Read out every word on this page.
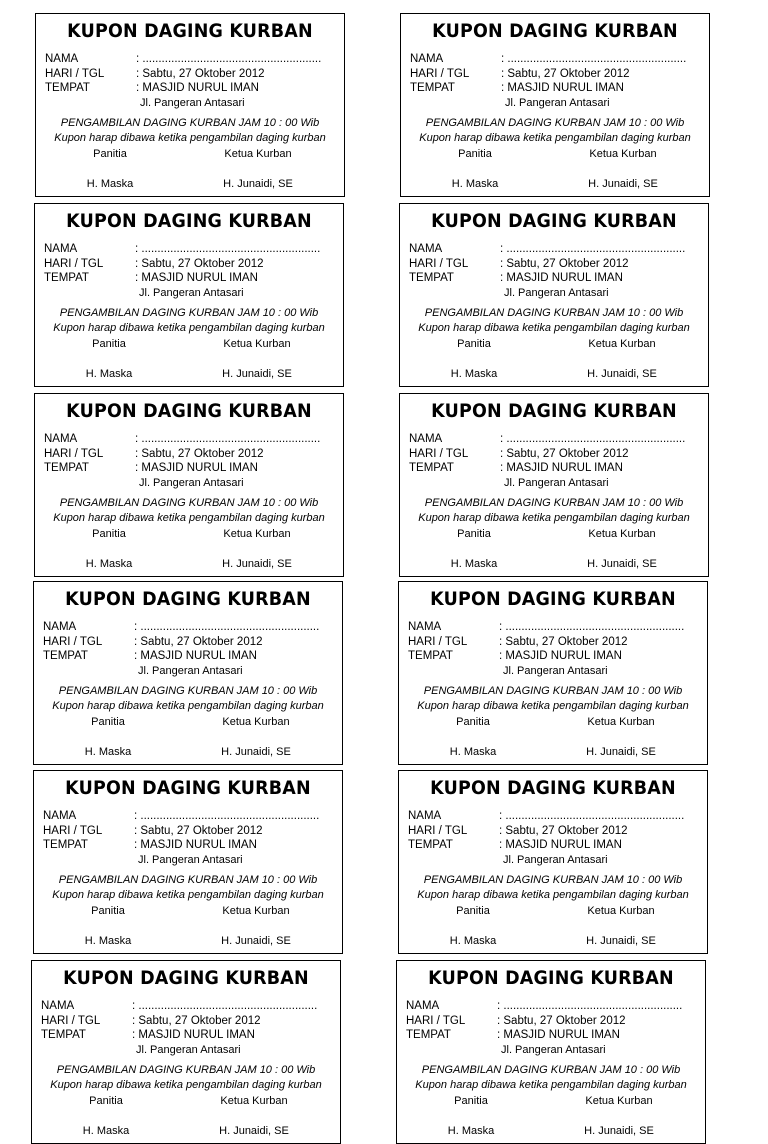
KUPON DAGING KURBAN
NAMA	: ........................................................
HARI / TGL	: Sabtu, 27 Oktober 2012
TEMPAT	: MASJID NURUL IMAN
Jl. Pangeran Antasari
PENGAMBILAN DAGING KURBAN JAM 10 : 00 Wib
Kupon harap dibawa ketika pengambilan daging kurban
Panitia	Ketua Kurban
H. Maska	H. Junaidi, SE
KUPON DAGING KURBAN
NAMA	: ........................................................
HARI / TGL	: Sabtu, 27 Oktober 2012
TEMPAT	: MASJID NURUL IMAN
Jl. Pangeran Antasari
PENGAMBILAN DAGING KURBAN JAM 10 : 00 Wib
Kupon harap dibawa ketika pengambilan daging kurban
Panitia	Ketua Kurban
H. Maska	H. Junaidi, SE
KUPON DAGING KURBAN
NAMA	: ........................................................
HARI / TGL	: Sabtu, 27 Oktober 2012
TEMPAT	: MASJID NURUL IMAN
Jl. Pangeran Antasari
PENGAMBILAN DAGING KURBAN JAM 10 : 00 Wib
Kupon harap dibawa ketika pengambilan daging kurban
Panitia	Ketua Kurban
H. Maska	H. Junaidi, SE
KUPON DAGING KURBAN
NAMA	: ........................................................
HARI / TGL	: Sabtu, 27 Oktober 2012
TEMPAT	: MASJID NURUL IMAN
Jl. Pangeran Antasari
PENGAMBILAN DAGING KURBAN JAM 10 : 00 Wib
Kupon harap dibawa ketika pengambilan daging kurban
Panitia	Ketua Kurban
H. Maska	H. Junaidi, SE
KUPON DAGING KURBAN
NAMA	: ........................................................
HARI / TGL	: Sabtu, 27 Oktober 2012
TEMPAT	: MASJID NURUL IMAN
Jl. Pangeran Antasari
PENGAMBILAN DAGING KURBAN JAM 10 : 00 Wib
Kupon harap dibawa ketika pengambilan daging kurban
Panitia	Ketua Kurban
H. Maska	H. Junaidi, SE
KUPON DAGING KURBAN
NAMA	: ........................................................
HARI / TGL	: Sabtu, 27 Oktober 2012
TEMPAT	: MASJID NURUL IMAN
Jl. Pangeran Antasari
PENGAMBILAN DAGING KURBAN JAM 10 : 00 Wib
Kupon harap dibawa ketika pengambilan daging kurban
Panitia	Ketua Kurban
H. Maska	H. Junaidi, SE
KUPON DAGING KURBAN
NAMA	: ........................................................
HARI / TGL	: Sabtu, 27 Oktober 2012
TEMPAT	: MASJID NURUL IMAN
Jl. Pangeran Antasari
PENGAMBILAN DAGING KURBAN JAM 10 : 00 Wib
Kupon harap dibawa ketika pengambilan daging kurban
Panitia	Ketua Kurban
H. Maska	H. Junaidi, SE
KUPON DAGING KURBAN
NAMA	: ........................................................
HARI / TGL	: Sabtu, 27 Oktober 2012
TEMPAT	: MASJID NURUL IMAN
Jl. Pangeran Antasari
PENGAMBILAN DAGING KURBAN JAM 10 : 00 Wib
Kupon harap dibawa ketika pengambilan daging kurban
Panitia	Ketua Kurban
H. Maska	H. Junaidi, SE
KUPON DAGING KURBAN
NAMA	: ........................................................
HARI / TGL	: Sabtu, 27 Oktober 2012
TEMPAT	: MASJID NURUL IMAN
Jl. Pangeran Antasari
PENGAMBILAN DAGING KURBAN JAM 10 : 00 Wib
Kupon harap dibawa ketika pengambilan daging kurban
Panitia	Ketua Kurban
H. Maska	H. Junaidi, SE
KUPON DAGING KURBAN
NAMA	: ........................................................
HARI / TGL	: Sabtu, 27 Oktober 2012
TEMPAT	: MASJID NURUL IMAN
Jl. Pangeran Antasari
PENGAMBILAN DAGING KURBAN JAM 10 : 00 Wib
Kupon harap dibawa ketika pengambilan daging kurban
Panitia	Ketua Kurban
H. Maska	H. Junaidi, SE
KUPON DAGING KURBAN
NAMA	: ........................................................
HARI / TGL	: Sabtu, 27 Oktober 2012
TEMPAT	: MASJID NURUL IMAN
Jl. Pangeran Antasari
PENGAMBILAN DAGING KURBAN JAM 10 : 00 Wib
Kupon harap dibawa ketika pengambilan daging kurban
Panitia	Ketua Kurban
H. Maska	H. Junaidi, SE
KUPON DAGING KURBAN
NAMA	: ........................................................
HARI / TGL	: Sabtu, 27 Oktober 2012
TEMPAT	: MASJID NURUL IMAN
Jl. Pangeran Antasari
PENGAMBILAN DAGING KURBAN JAM 10 : 00 Wib
Kupon harap dibawa ketika pengambilan daging kurban
Panitia	Ketua Kurban
H. Maska	H. Junaidi, SE
